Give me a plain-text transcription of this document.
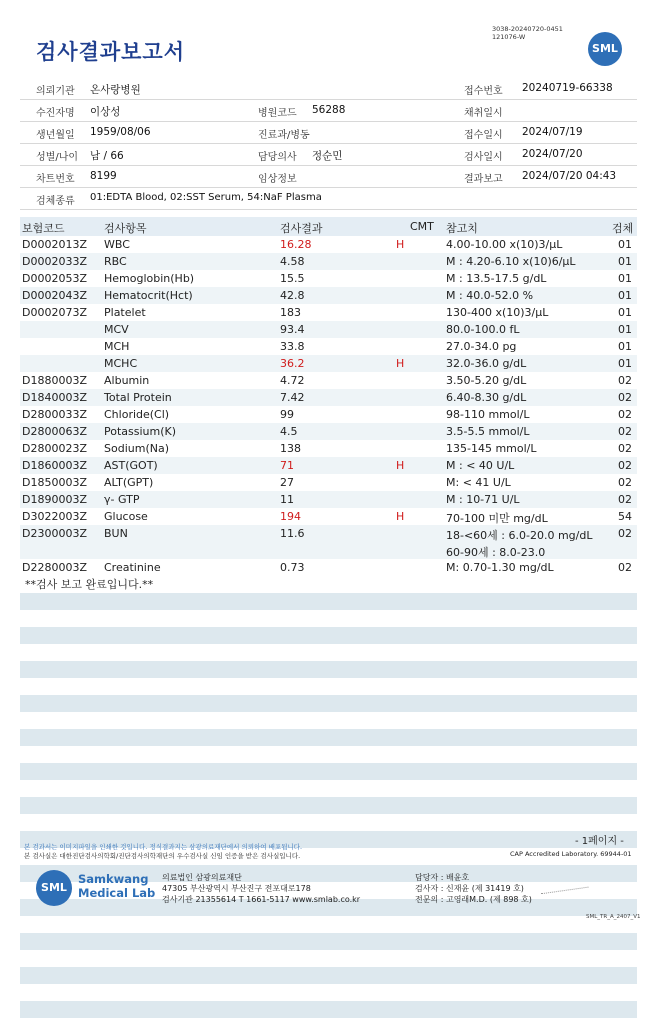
검사결과보고서
3038-20240720-0451
121076-W
SML
의뢰기관 온사랑병원	접수번호 20240719-66338
수진자명 이상성	병원코드 56288	채취일시
생년월일 1959/08/06	진료과/병동	접수일시 2024/07/19
성별/나이 남 / 66	담당의사 정순민	검사일시 2024/07/20
차트번호 8199	임상정보	결과보고 2024/07/20 04:43
검체종류 01:EDTA Blood, 02:SST Serum, 54:NaF Plasma
보험코드	검사항목	검사결과	CMT 참고치	검체
D0002013Z WBC	16.28	H	4.00-10.00 x(10)3/μL	01
D0002033Z RBC	4.58	M : 4.20-6.10 x(10)6/μL	01
D0002053Z Hemoglobin(Hb)	15.5	M : 13.5-17.5 g/dL	01
D0002043Z Hematocrit(Hct)	42.8	M : 40.0-52.0 %	01
D0002073Z Platelet	183	130-400 x(10)3/μL	01
MCV	93.4	80.0-100.0 fL	01
MCH	33.8	27.0-34.0 pg	01
MCHC	36.2	H	32.0-36.0 g/dL	01
D1880003Z Albumin	4.72	3.50-5.20 g/dL	02
D1840003Z Total Protein	7.42	6.40-8.30 g/dL	02
D2800033Z Chloride(Cl)	99	98-110 mmol/L	02
D2800063Z Potassium(K)	4.5	3.5-5.5 mmol/L	02
D2800023Z Sodium(Na)	138	135-145 mmol/L	02
D1860003Z AST(GOT)	71	H	M : < 40 U/L	02
D1850003Z ALT(GPT)	27	M: < 41 U/L	02
D1890003Z γ- GTP	11	M : 10-71 U/L	02
D3022003Z Glucose	194	H	70-100 미만 mg/dL	54
D2300003Z BUN	11.6	18-<60세 : 6.0-20.0 mg/dL 02
60-90세 : 8.0-23.0
D2280003Z Creatinine	0.73	M: 0.70-1.30 mg/dL	02
**검사 보고 완료입니다.**
본 검과서는 이미지파일을 인쇄한 것입니다. 정식결과지는 삼광의료재단에서 의뢰하여 배포됩니다.
본 검사실은 대한진단검사의학회/진단검사의학재단의 우수검사실 신임 인증을 받은 검사실입니다.
- 1페이지 -
CAP Accredited Laboratory. 69944-01
SML
Samkwang
Medical Lab
의료법인 삼광의료재단
47305 부산광역시 부산진구 전포대로178
검사기관 21355614 T 1661-5117 www.smlab.co.kr
담당자 : 배윤호
검사자 : 신재윤 (제 31419 호)
전문의 : 고영래M.D. (제 898 호)
SML_TR_A_2407_V1
